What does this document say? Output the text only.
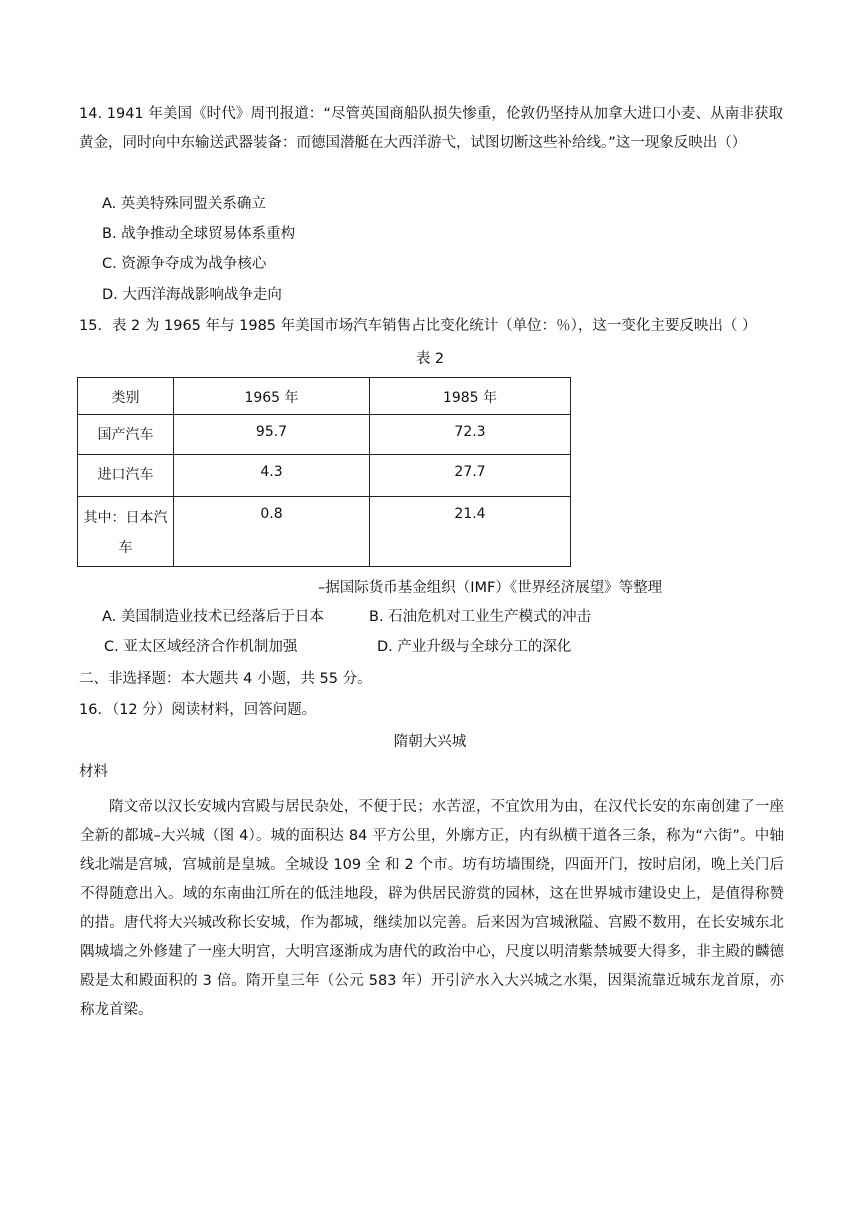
14. 1941 年美国《时代》周刊报道：“尽管英国商船队损失惨重，伦敦仍坚持从加拿大进口小麦、从南非获取黄金，同时向中东输送武器装备：而德国潜艇在大西洋游弋，试图切断这些补给线。”这一现象反映出（）
A. 英美特殊同盟关系确立
B. 战争推动全球贸易体系重构
C. 资源争夺成为战争核心
D. 大西洋海战影响战争走向
15．表 2 为 1965 年与 1985 年美国市场汽车销售占比变化统计（单位：％），这一变化主要反映出（ ）
表 2
类别	1965 年	1985 年

国产汽车	95.7	72.3

进口汽车	4.3	27.7

其中：日本汽车	0.8	21.4
–据国际货币基金组织（IMF）《世界经济展望》等整理
A. 美国制造业技术已经落后于日本	B. 石油危机对工业生产模式的冲击
C. 亚太区域经济合作机制加强	D. 产业升级与全球分工的深化
二、非选择题：本大题共 4 小题，共 55 分。
16．（12 分）阅读材料，回答问题。
隋朝大兴城
材料
隋文帝以汉长安城内宫殿与居民杂处，不便于民；水苦涩，不宜饮用为由，在汉代长安的东南创建了一座全新的都城–大兴城（图 4）。城的面积达 84 平方公里，外廓方正，内有纵横干道各三条，称为“六街”。中轴线北端是宫城，宫城前是皇城。全城设 109 全 和 2 个市。坊有坊墙围绕，四面开门，按时启闭，晚上关门后不得随意出入。域的东南曲江所在的低洼地段，辟为供居民游赏的园林，这在世界城市建设史上，是值得称赞的措。唐代将大兴城改称长安城，作为都城，继续加以完善。后来因为宫城湫隘、宫殿不数用，在长安城东北隅城墙之外修建了一座大明宫，大明宫逐渐成为唐代的政治中心，尺度以明清紫禁城要大得多，非主殿的麟德殿是太和殿面积的 3 倍。隋开皇三年（公元 583 年）开引浐水入大兴城之水渠，因渠流靠近城东龙首原，亦称龙首梁。
